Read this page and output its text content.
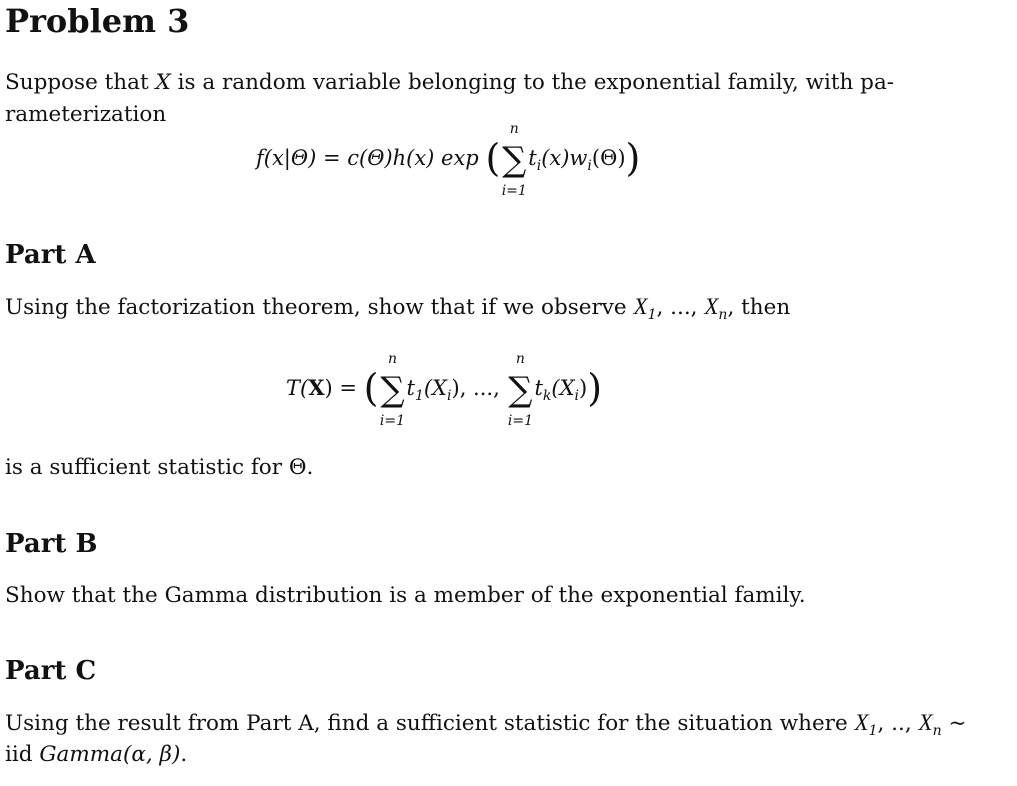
Problem 3
Suppose that X is a random variable belonging to the exponential family, with pa-
rameterization
f(x|Θ) = c(Θ)h(x) exp (
n
∑
i=1
$t_i(x)w_i(\Theta)$)
Part A
Using the factorization theorem, show that if we observe $X_1$, ..., $X_n$, then
T(X) = (
n
∑
i=1
$t_1(X_i)$, ...,
n
∑
i=1
$t_k(X_i)$)
is a sufficient statistic for Θ.
Part B
Show that the Gamma distribution is a member of the exponential family.
Part C
Using the result from Part A, find a sufficient statistic for the situation where $X_1$, .., $X_n$ ∼
iid Gamma(α, β).
